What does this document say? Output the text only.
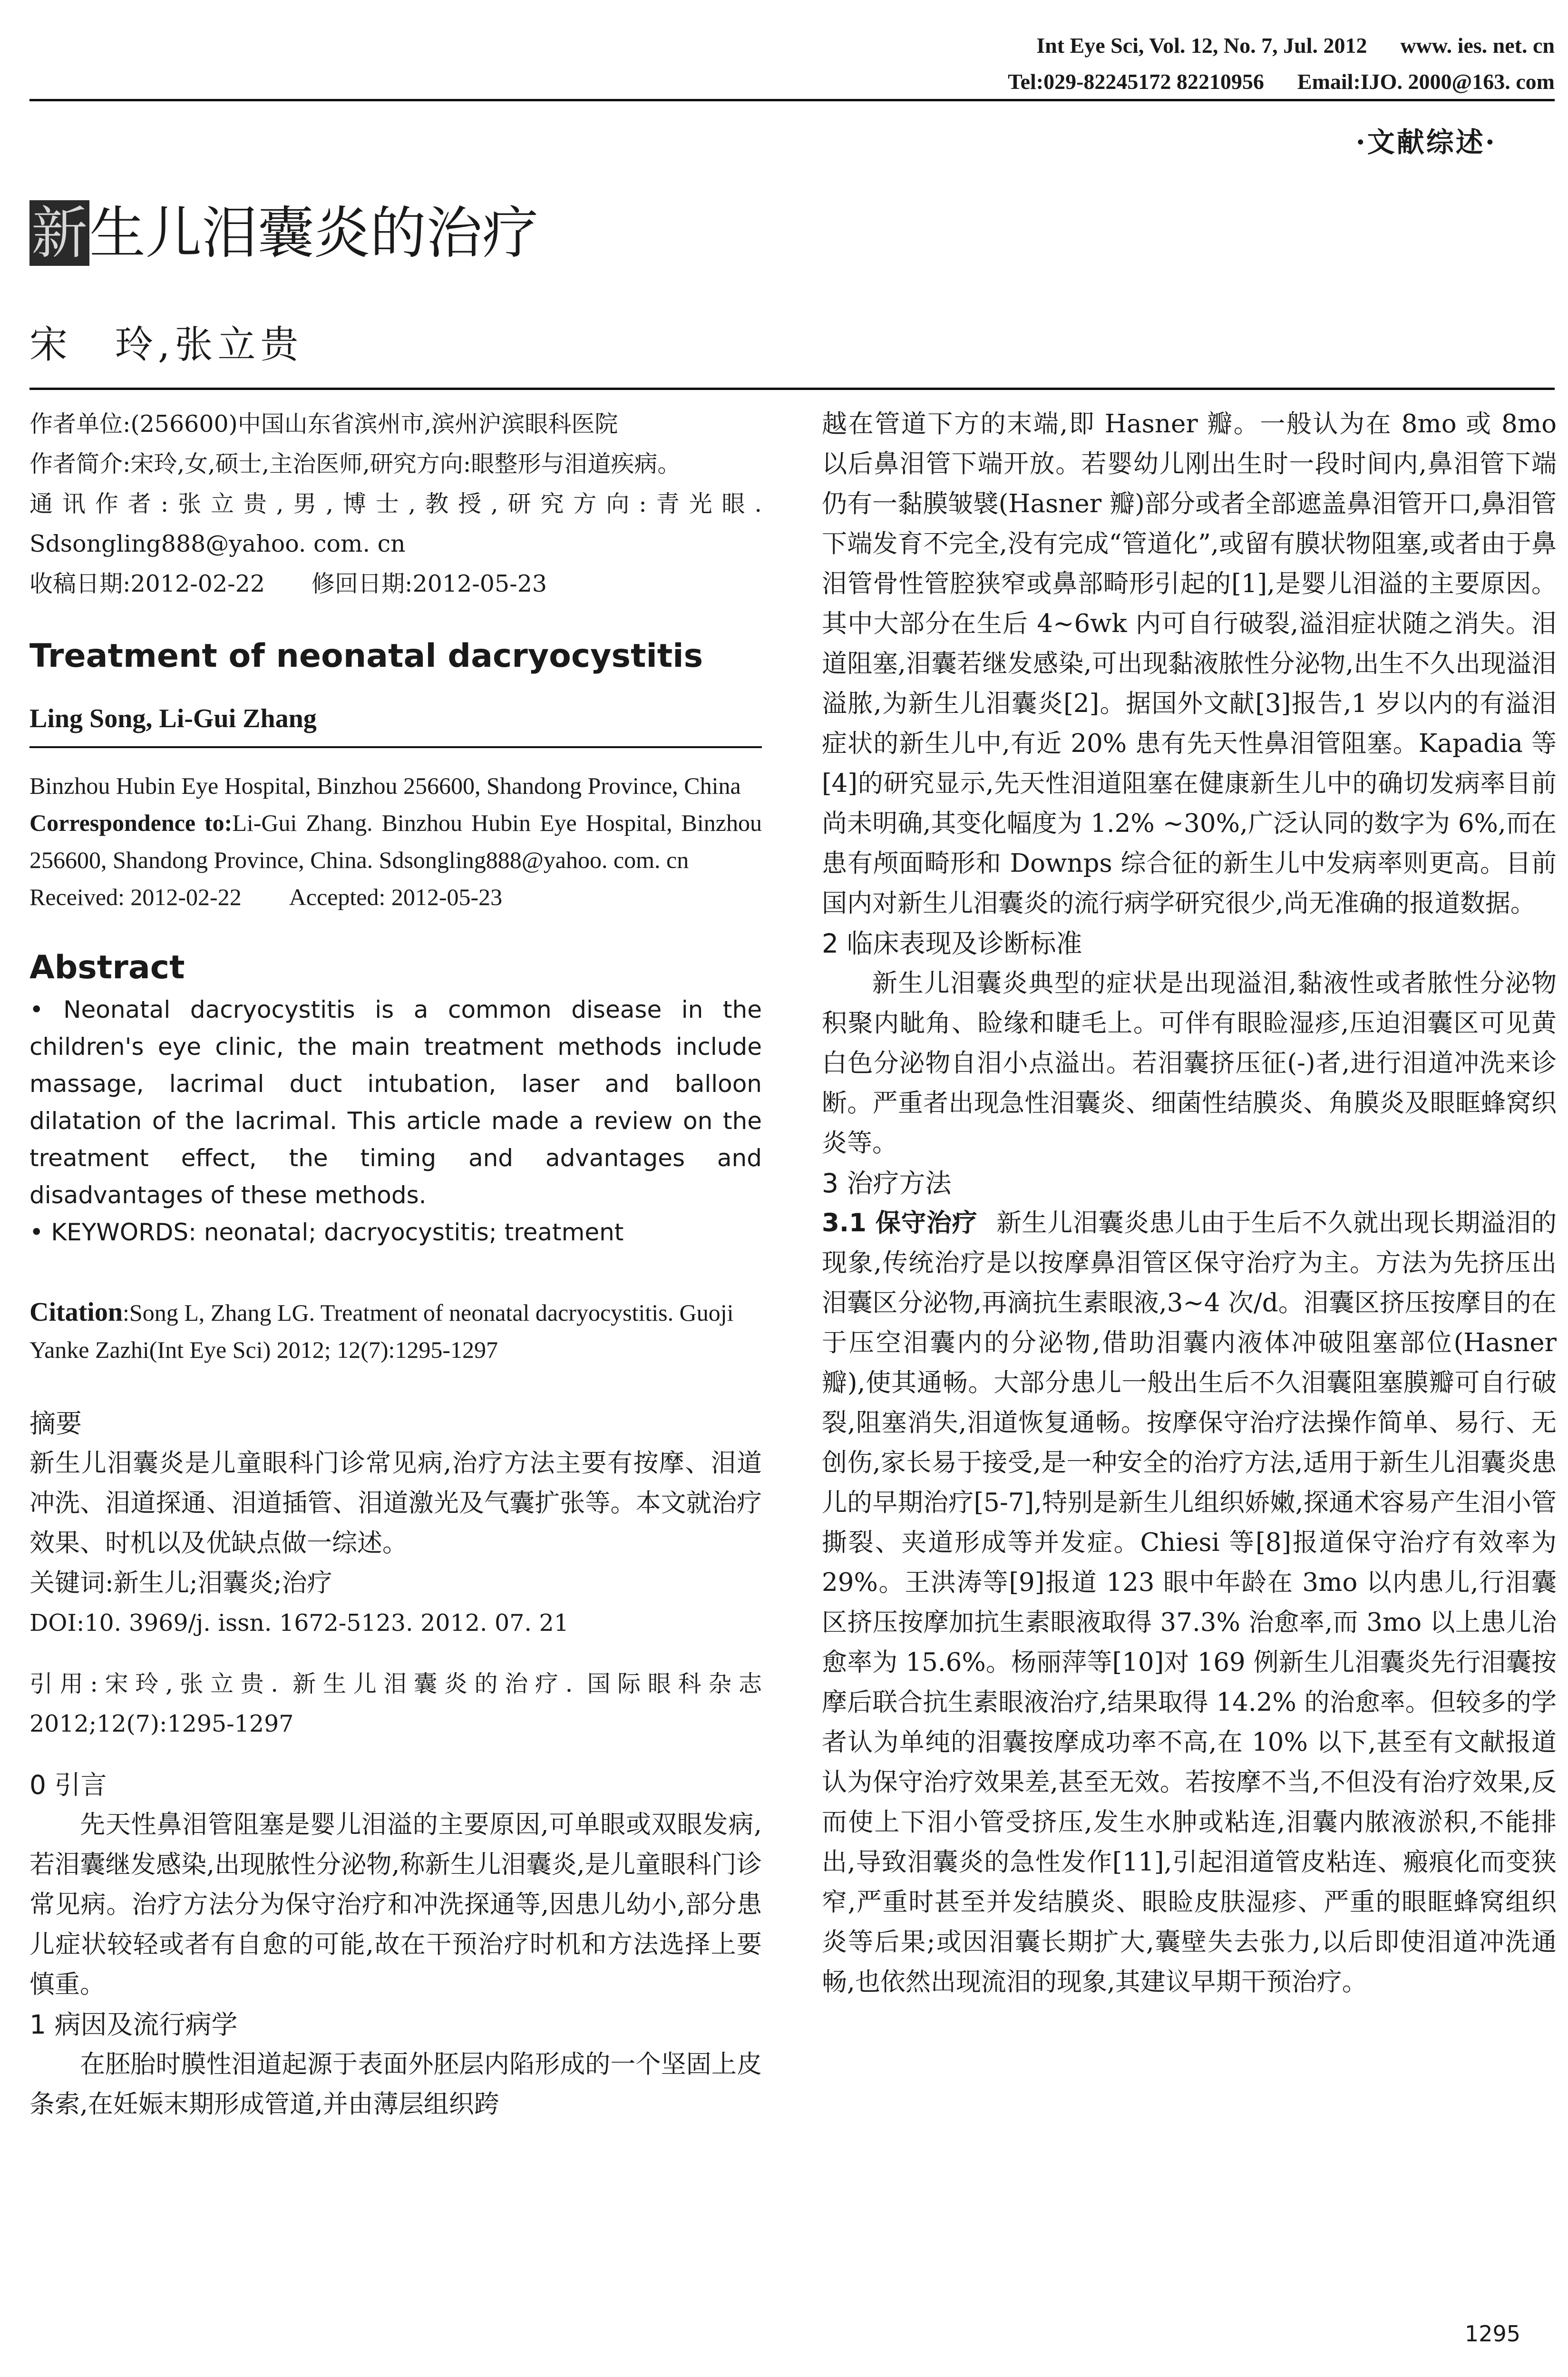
Int Eye Sci, Vol. 12, No. 7, Jul. 2012 www. ies. net. cn
Tel:029-82245172 82210956 Email:IJO. 2000@163. com
·文献综述·
新生儿泪囊炎的治疗
宋　玲,张立贵

作者单位:(256600)中国山东省滨州市,滨州沪滨眼科医院

作者简介:宋玲,女,硕士,主治医师,研究方向:眼整形与泪道疾病。

通讯作者:张立贵,男,博士,教授,研究方向:青光眼. Sdsongling888@yahoo. com. cn

收稿日期:2012-02-22　　修回日期:2012-05-23

Treatment of neonatal dacryocystitis
Ling Song, Li-Gui Zhang

Binzhou Hubin Eye Hospital, Binzhou 256600, Shandong Province, China

Correspondence to:Li-Gui Zhang. Binzhou Hubin Eye Hospital, Binzhou 256600, Shandong Province, China. Sdsongling888@yahoo. com. cn

Received: 2012-02-22　　Accepted: 2012-05-23

Abstract

• Neonatal dacryocystitis is a common disease in the children's eye clinic, the main treatment methods include massage, lacrimal duct intubation, laser and balloon dilatation of the lacrimal. This article made a review on the treatment effect, the timing and advantages and disadvantages of these methods.

• KEYWORDS: neonatal; dacryocystitis; treatment

Citation:Song L, Zhang LG. Treatment of neonatal dacryocystitis. Guoji Yanke Zazhi(Int Eye Sci) 2012; 12(7):1295-1297

摘要

新生儿泪囊炎是儿童眼科门诊常见病,治疗方法主要有按摩、泪道冲洗、泪道探通、泪道插管、泪道激光及气囊扩张等。本文就治疗效果、时机以及优缺点做一综述。

关键词:新生儿;泪囊炎;治疗

DOI:10. 3969/j. issn. 1672-5123. 2012. 07. 21

引用:宋玲,张立贵. 新生儿泪囊炎的治疗. 国际眼科杂志 2012;12(7):1295-1297

0 引言

先天性鼻泪管阻塞是婴儿泪溢的主要原因,可单眼或双眼发病,若泪囊继发感染,出现脓性分泌物,称新生儿泪囊炎,是儿童眼科门诊常见病。治疗方法分为保守治疗和冲洗探通等,因患儿幼小,部分患儿症状较轻或者有自愈的可能,故在干预治疗时机和方法选择上要慎重。

1 病因及流行病学

在胚胎时膜性泪道起源于表面外胚层内陷形成的一个坚固上皮条索,在妊娠末期形成管道,并由薄层组织跨

越在管道下方的末端,即 Hasner 瓣。一般认为在 8mo 或 8mo 以后鼻泪管下端开放。若婴幼儿刚出生时一段时间内,鼻泪管下端仍有一黏膜皱襞(Hasner 瓣)部分或者全部遮盖鼻泪管开口,鼻泪管下端发育不完全,没有完成“管道化”,或留有膜状物阻塞,或者由于鼻泪管骨性管腔狭窄或鼻部畸形引起的[1],是婴儿泪溢的主要原因。其中大部分在生后 4~6wk 内可自行破裂,溢泪症状随之消失。泪道阻塞,泪囊若继发感染,可出现黏液脓性分泌物,出生不久出现溢泪溢脓,为新生儿泪囊炎[2]。据国外文献[3]报告,1 岁以内的有溢泪症状的新生儿中,有近 20% 患有先天性鼻泪管阻塞。Kapadia 等[4]的研究显示,先天性泪道阻塞在健康新生儿中的确切发病率目前尚未明确,其变化幅度为 1.2% ~30%,广泛认同的数字为 6%,而在患有颅面畸形和 Downps 综合征的新生儿中发病率则更高。目前国内对新生儿泪囊炎的流行病学研究很少,尚无准确的报道数据。

2 临床表现及诊断标准

新生儿泪囊炎典型的症状是出现溢泪,黏液性或者脓性分泌物积聚内眦角、睑缘和睫毛上。可伴有眼睑湿疹,压迫泪囊区可见黄白色分泌物自泪小点溢出。若泪囊挤压征(-)者,进行泪道冲洗来诊断。严重者出现急性泪囊炎、细菌性结膜炎、角膜炎及眼眶蜂窝织炎等。

3 治疗方法

3.1 保守治疗 新生儿泪囊炎患儿由于生后不久就出现长期溢泪的现象,传统治疗是以按摩鼻泪管区保守治疗为主。方法为先挤压出泪囊区分泌物,再滴抗生素眼液,3~4 次/d。泪囊区挤压按摩目的在于压空泪囊内的分泌物,借助泪囊内液体冲破阻塞部位(Hasner 瓣),使其通畅。大部分患儿一般出生后不久泪囊阻塞膜瓣可自行破裂,阻塞消失,泪道恢复通畅。按摩保守治疗法操作简单、易行、无创伤,家长易于接受,是一种安全的治疗方法,适用于新生儿泪囊炎患儿的早期治疗[5-7],特别是新生儿组织娇嫩,探通术容易产生泪小管撕裂、夹道形成等并发症。Chiesi 等[8]报道保守治疗有效率为 29%。王洪涛等[9]报道 123 眼中年龄在 3mo 以内患儿,行泪囊区挤压按摩加抗生素眼液取得 37.3% 治愈率,而 3mo 以上患儿治愈率为 15.6%。杨丽萍等[10]对 169 例新生儿泪囊炎先行泪囊按摩后联合抗生素眼液治疗,结果取得 14.2% 的治愈率。但较多的学者认为单纯的泪囊按摩成功率不高,在 10% 以下,甚至有文献报道认为保守治疗效果差,甚至无效。若按摩不当,不但没有治疗效果,反而使上下泪小管受挤压,发生水肿或粘连,泪囊内脓液淤积,不能排出,导致泪囊炎的急性发作[11],引起泪道管皮粘连、瘢痕化而变狭窄,严重时甚至并发结膜炎、眼睑皮肤湿疹、严重的眼眶蜂窝组织炎等后果;或因泪囊长期扩大,囊壁失去张力,以后即使泪道冲洗通畅,也依然出现流泪的现象,其建议早期干预治疗。

1295
